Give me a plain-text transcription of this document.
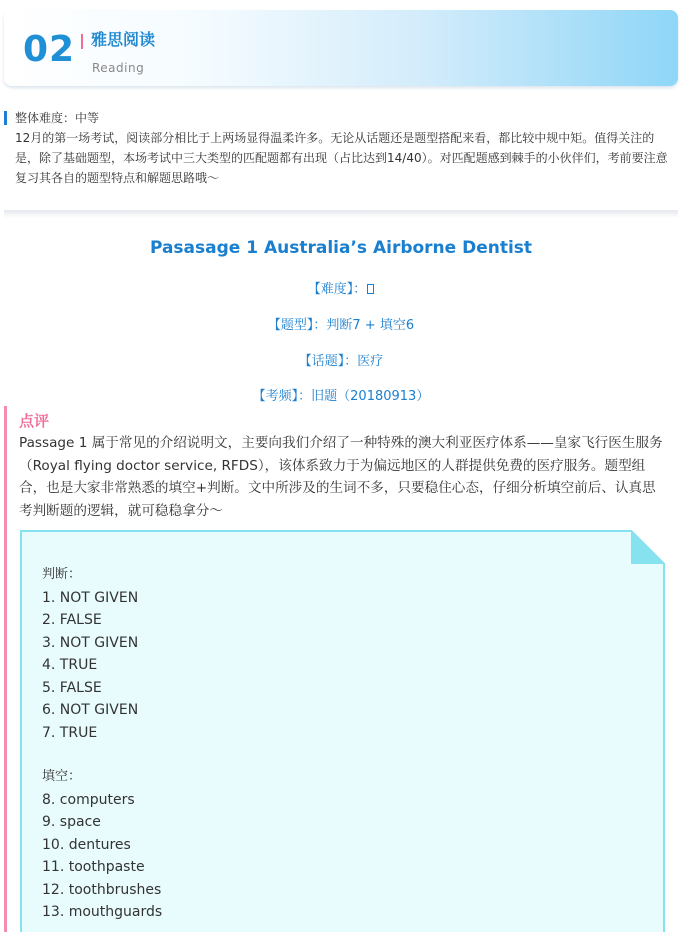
02 雅思阅读
Reading

整体难度：中等

12月的第一场考试，阅读部分相比于上两场显得温柔许多。无论从话题还是题型搭配来看，都比较中规中矩。值得关注的是，除了基础题型，本场考试中三大类型的匹配题都有出现（占比达到14/40）。对匹配题感到棘手的小伙伴们，考前要注意复习其各自的题型特点和解题思路哦～

Pasasage 1 Australia’s Airborne Dentist
【难度】：
【题型】：判断7 + 填空6
【话题】：医疗
【考频】：旧题（20180913）
点评

Passage 1 属于常见的介绍说明文，主要向我们介绍了一种特殊的澳大利亚医疗体系——皇家飞行医生服务（Royal flying doctor service, RFDS），该体系致力于为偏远地区的人群提供免费的医疗服务。题型组合，也是大家非常熟悉的填空+判断。文中所涉及的生词不多，只要稳住心态，仔细分析填空前后、认真思考判断题的逻辑，就可稳稳拿分～

判断：
1. NOT GIVEN
2. FALSE
3. NOT GIVEN
4. TRUE
5. FALSE
6. NOT GIVEN
7. TRUE
填空：
8. computers
9. space
10. dentures
11. toothpaste
12. toothbrushes
13. mouthguards
